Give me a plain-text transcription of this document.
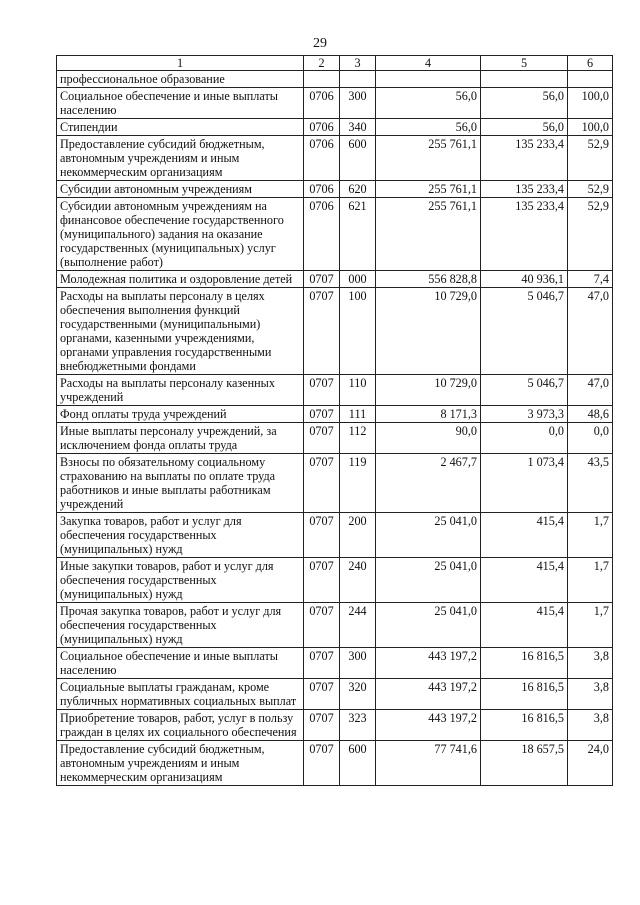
29
1	2	3	4	5	6
профессиональное образование					
Социальное обеспечение и иные выплаты населению	0706	300	56,0	56,0	100,0
Стипендии	0706	340	56,0	56,0	100,0
Предоставление субсидий бюджетным, автономным учреждениям и иным некоммерческим организациям	0706	600	255 761,1	135 233,4	52,9
Субсидии автономным учреждениям	0706	620	255 761,1	135 233,4	52,9
Субсидии автономным учреждениям на финансовое обеспечение государственного (муниципального) задания на оказание государственных (муниципальных) услуг (выполнение работ)	0706	621	255 761,1	135 233,4	52,9
Молодежная политика и оздоровление детей	0707	000	556 828,8	40 936,1	7,4
Расходы на выплаты персоналу в целях обеспечения выполнения функций государственными (муниципальными) органами, казенными учреждениями, органами управления государственными внебюджетными фондами	0707	100	10 729,0	5 046,7	47,0
Расходы на выплаты персоналу казенных учреждений	0707	110	10 729,0	5 046,7	47,0
Фонд оплаты труда учреждений	0707	111	8 171,3	3 973,3	48,6
Иные выплаты персоналу учреждений, за исключением фонда оплаты труда	0707	112	90,0	0,0	0,0
Взносы по обязательному социальному страхованию на выплаты по оплате труда работников и иные выплаты работникам учреждений	0707	119	2 467,7	1 073,4	43,5
Закупка товаров, работ и услуг для обеспечения государственных (муниципальных) нужд	0707	200	25 041,0	415,4	1,7
Иные закупки товаров, работ и услуг для обеспечения государственных (муниципальных) нужд	0707	240	25 041,0	415,4	1,7
Прочая закупка товаров, работ и услуг для обеспечения государственных (муниципальных) нужд	0707	244	25 041,0	415,4	1,7
Социальное обеспечение и иные выплаты населению	0707	300	443 197,2	16 816,5	3,8
Социальные выплаты гражданам, кроме публичных нормативных социальных выплат	0707	320	443 197,2	16 816,5	3,8
Приобретение товаров, работ, услуг в пользу граждан в целях их социального обеспечения	0707	323	443 197,2	16 816,5	3,8
Предоставление субсидий бюджетным, автономным учреждениям и иным некоммерческим организациям	0707	600	77 741,6	18 657,5	24,0
